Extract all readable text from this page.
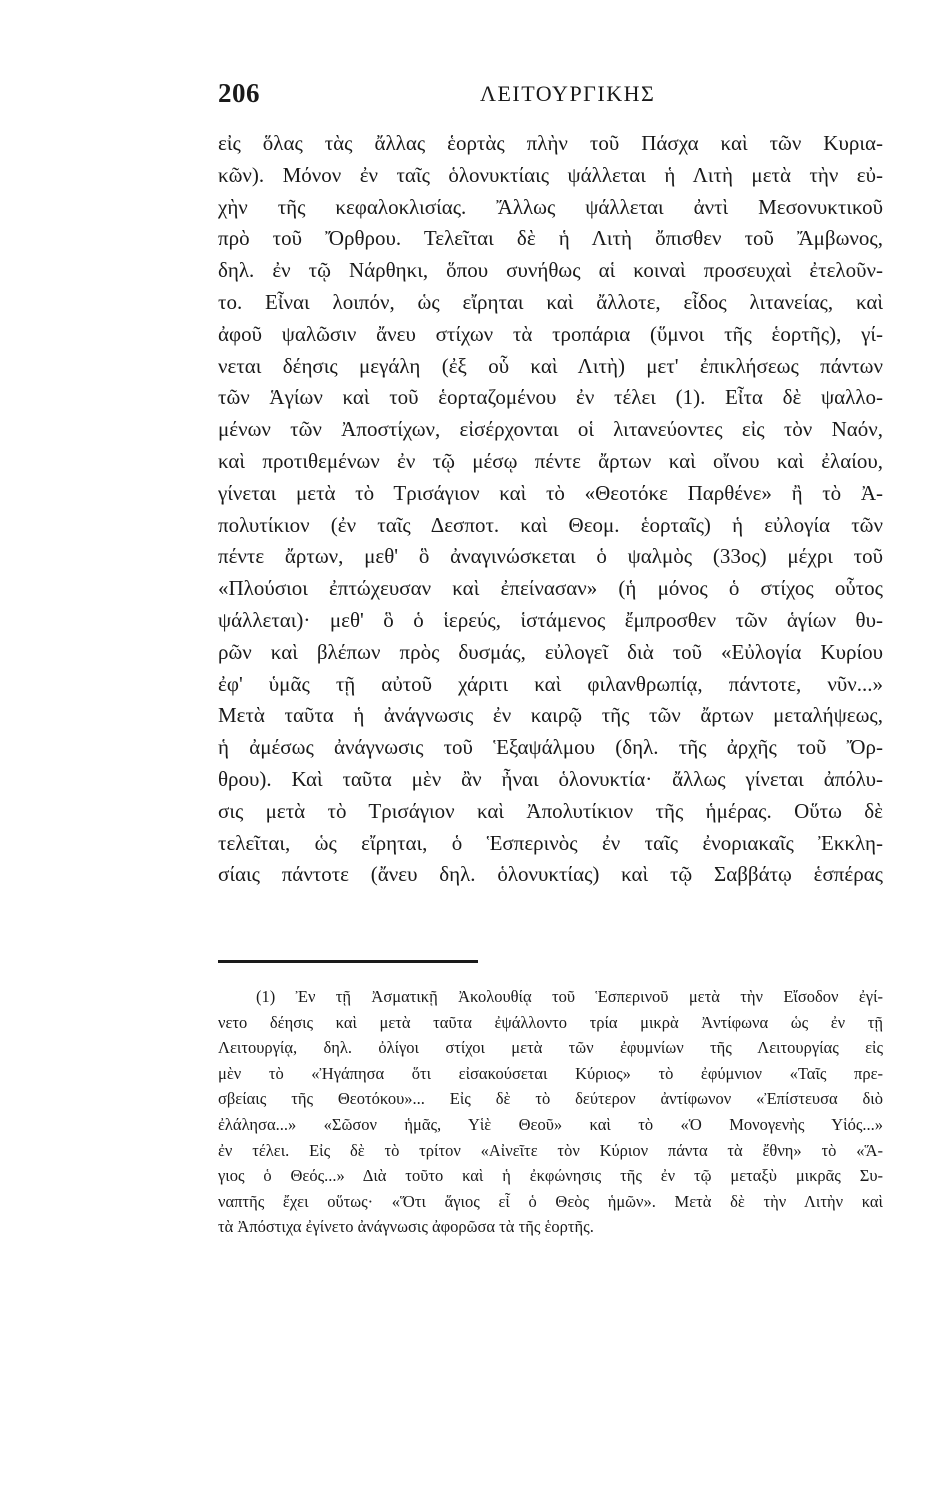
206	ΛΕΙΤΟΥΡΓΙΚΗΣ
εἰς ὅλας τὰς ἄλλας ἑορτὰς πλὴν τοῦ Πάσχα καὶ τῶν Κυρια-
κῶν). Μόνον ἐν ταῖς ὁλονυκτίαις ψάλλεται ἡ Λιτὴ μετὰ τὴν εὐ-
χὴν τῆς κεφαλοκλισίας. Ἄλλως ψάλλεται ἀντὶ Μεσονυκτικοῦ
πρὸ τοῦ Ὄρθρου. Τελεῖται δὲ ἡ Λιτὴ ὄπισθεν τοῦ Ἄμβωνος,
δηλ. ἐν τῷ Νάρθηκι, ὅπου συνήθως αἱ κοιναὶ προσευχαὶ ἐτελοῦν-
το. Εἶναι λοιπόν, ὡς εἴρηται καὶ ἄλλοτε, εἶδος λιτανείας, καὶ
ἀφοῦ ψαλῶσιν ἄνευ στίχων τὰ τροπάρια (ὕμνοι τῆς ἑορτῆς), γί-
νεται δέησις μεγάλη (ἐξ οὗ καὶ Λιτὴ) μετ' ἐπικλήσεως πάντων
τῶν Ἁγίων καὶ τοῦ ἑορταζομένου ἐν τέλει (1). Εἶτα δὲ ψαλλο-
μένων τῶν Ἀποστίχων, εἰσέρχονται οἱ λιτανεύοντες εἰς τὸν Ναόν,
καὶ προτιθεμένων ἐν τῷ μέσῳ πέντε ἄρτων καὶ οἴνου καὶ ἐλαίου,
γίνεται μετὰ τὸ Τρισάγιον καὶ τὸ «Θεοτόκε Παρθένε» ἢ τὸ Ἀ-
πολυτίκιον (ἐν ταῖς Δεσποτ. καὶ Θεομ. ἑορταῖς) ἡ εὐλογία τῶν
πέντε ἄρτων, μεθ' ὃ ἀναγινώσκεται ὁ ψαλμὸς (33ος) μέχρι τοῦ
«Πλούσιοι ἐπτώχευσαν καὶ ἐπείνασαν» (ἡ μόνος ὁ στίχος οὗτος
ψάλλεται)· μεθ' ὃ ὁ ἱερεύς, ἱστάμενος ἔμπροσθεν τῶν ἁγίων θυ-
ρῶν καὶ βλέπων πρὸς δυσμάς, εὐλογεῖ διὰ τοῦ «Εὐλογία Κυρίου
ἐφ' ὑμᾶς τῇ αὐτοῦ χάριτι καὶ φιλανθρωπίᾳ, πάντοτε, νῦν...»
Μετὰ ταῦτα ἡ ἀνάγνωσις ἐν καιρῷ τῆς τῶν ἄρτων μεταλήψεως,
ἡ ἀμέσως ἀνάγνωσις τοῦ Ἑξαψάλμου (δηλ. τῆς ἀρχῆς τοῦ Ὄρ-
θρου). Καὶ ταῦτα μὲν ἂν ἦναι ὁλονυκτία· ἄλλως γίνεται ἀπόλυ-
σις μετὰ τὸ Τρισάγιον καὶ Ἀπολυτίκιον τῆς ἡμέρας. Οὕτω δὲ
τελεῖται, ὡς εἴρηται, ὁ Ἑσπερινὸς ἐν ταῖς ἐνοριακαῖς Ἐκκλη-
σίαις πάντοτε (ἄνευ δηλ. ὁλονυκτίας) καὶ τῷ Σαββάτῳ ἑσπέρας
(1) Ἐν τῇ Ἀσματικῇ Ἀκολουθίᾳ τοῦ Ἑσπερινοῦ μετὰ τὴν Εἴσοδον ἐγί-
νετο δέησις καὶ μετὰ ταῦτα ἐψάλλοντο τρία μικρὰ Ἀντίφωνα ὡς ἐν τῇ
Λειτουργίᾳ, δηλ. ὀλίγοι στίχοι μετὰ τῶν ἐφυμνίων τῆς Λειτουργίας εἰς
μὲν τὸ «Ἠγάπησα ὅτι εἰσακούσεται Κύριος» τὸ ἐφύμνιον «Ταῖς πρε-
σβείαις τῆς Θεοτόκου»... Εἰς δὲ τὸ δεύτερον ἀντίφωνον «Ἐπίστευσα διὸ
ἐλάλησα...» «Σῶσον ἡμᾶς, Υἱὲ Θεοῦ» καὶ τὸ «Ὁ Μονογενὴς Υἱός...»
ἐν τέλει. Εἰς δὲ τὸ τρίτον «Αἰνεῖτε τὸν Κύριον πάντα τὰ ἔθνη» τὸ «Ἅ-
γιος ὁ Θεός...» Διὰ τοῦτο καὶ ἡ ἐκφώνησις τῆς ἐν τῷ μεταξὺ μικρᾶς Συ-
ναπτῆς ἔχει οὕτως· «Ὅτι ἅγιος εἶ ὁ Θεὸς ἡμῶν». Μετὰ δὲ τὴν Λιτὴν καὶ
τὰ Ἀπόστιχα ἐγίνετο ἀνάγνωσις ἀφορῶσα τὰ τῆς ἑορτῆς.
